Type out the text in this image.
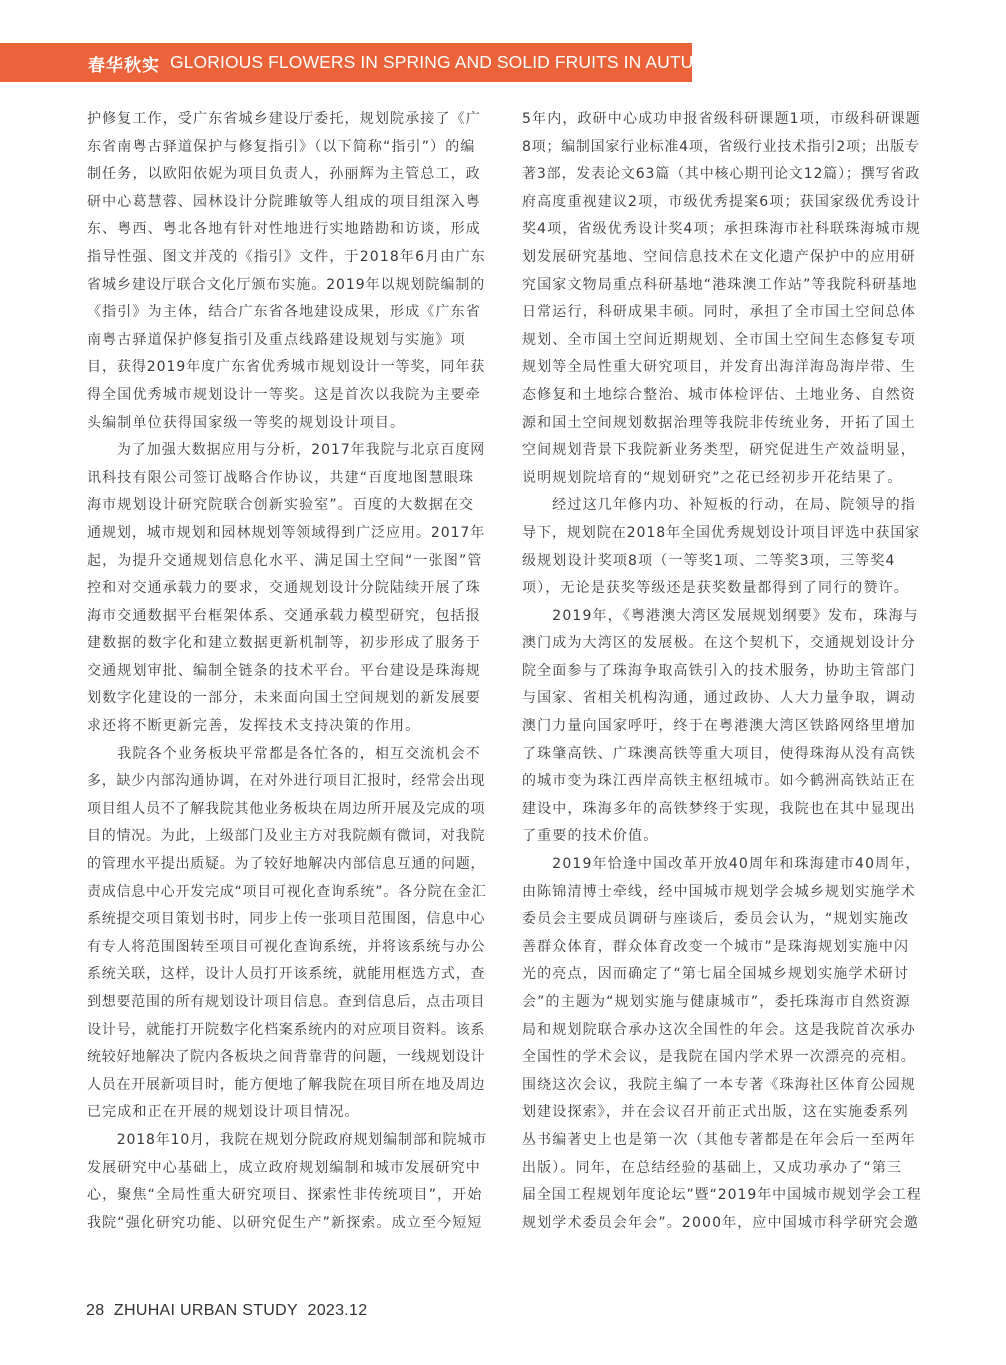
春华秋实 GLORIOUS FLOWERS IN SPRING AND SOLID FRUITS IN AUTUMN
护修复工作，受广东省城乡建设厅委托，规划院承接了《广
东省南粤古驿道保护与修复指引》（以下简称“指引”）的编
制任务，以欧阳依妮为项目负责人，孙丽辉为主管总工，政
研中心葛慧蓉、园林设计分院雎敏等人组成的项目组深入粤
东、粤西、粤北各地有针对性地进行实地踏勘和访谈，形成
指导性强、图文并茂的《指引》文件，于2018年6月由广东
省城乡建设厅联合文化厅颁布实施。2019年以规划院编制的
《指引》为主体，结合广东省各地建设成果，形成《广东省
南粤古驿道保护修复指引及重点线路建设规划与实施》项
目，获得2019年度广东省优秀城市规划设计一等奖，同年获
得全国优秀城市规划设计一等奖。这是首次以我院为主要牵
头编制单位获得国家级一等奖的规划设计项目。
　　为了加强大数据应用与分析，2017年我院与北京百度网
讯科技有限公司签订战略合作协议，共建“百度地图慧眼珠
海市规划设计研究院联合创新实验室”。百度的大数据在交
通规划，城市规划和园林规划等领域得到广泛应用。2017年
起，为提升交通规划信息化水平、满足国土空间“一张图”管
控和对交通承载力的要求，交通规划设计分院陆续开展了珠
海市交通数据平台框架体系、交通承载力模型研究，包括报
建数据的数字化和建立数据更新机制等，初步形成了服务于
交通规划审批、编制全链条的技术平台。平台建设是珠海规
划数字化建设的一部分，未来面向国土空间规划的新发展要
求还将不断更新完善，发挥技术支持决策的作用。
　　我院各个业务板块平常都是各忙各的，相互交流机会不
多，缺少内部沟通协调，在对外进行项目汇报时，经常会出现
项目组人员不了解我院其他业务板块在周边所开展及完成的项
目的情况。为此，上级部门及业主方对我院颇有微词，对我院
的管理水平提出质疑。为了较好地解决内部信息互通的问题，
责成信息中心开发完成“项目可视化查询系统”。各分院在金汇
系统提交项目策划书时，同步上传一张项目范围图，信息中心
有专人将范围图转至项目可视化查询系统，并将该系统与办公
系统关联，这样，设计人员打开该系统，就能用框选方式，查
到想要范围的所有规划设计项目信息。查到信息后，点击项目
设计号，就能打开院数字化档案系统内的对应项目资料。该系
统较好地解决了院内各板块之间背靠背的问题，一线规划设计
人员在开展新项目时，能方便地了解我院在项目所在地及周边
已完成和正在开展的规划设计项目情况。
　　2018年10月，我院在规划分院政府规划编制部和院城市
发展研究中心基础上，成立政府规划编制和城市发展研究中
心，聚焦“全局性重大研究项目、探索性非传统项目”，开始
我院“强化研究功能、以研究促生产”新探索。成立至今短短
5年内，政研中心成功申报省级科研课题1项，市级科研课题
8项；编制国家行业标准4项，省级行业技术指引2项；出版专
著3部，发表论文63篇（其中核心期刊论文12篇）；撰写省政
府高度重视建议2项，市级优秀提案6项；获国家级优秀设计
奖4项，省级优秀设计奖4项；承担珠海市社科联珠海城市规
划发展研究基地、空间信息技术在文化遗产保护中的应用研
究国家文物局重点科研基地“港珠澳工作站”等我院科研基地
日常运行，科研成果丰硕。同时，承担了全市国土空间总体
规划、全市国土空间近期规划、全市国土空间生态修复专项
规划等全局性重大研究项目，并发育出海洋海岛海岸带、生
态修复和土地综合整治、城市体检评估、土地业务、自然资
源和国土空间规划数据治理等我院非传统业务，开拓了国土
空间规划背景下我院新业务类型，研究促进生产效益明显，
说明规划院培育的“规划研究”之花已经初步开花结果了。
　　经过这几年修内功、补短板的行动，在局、院领导的指
导下，规划院在2018年全国优秀规划设计项目评选中获国家
级规划设计奖项8项（一等奖1项、二等奖3项，三等奖4
项），无论是获奖等级还是获奖数量都得到了同行的赞许。
　　2019年，《粤港澳大湾区发展规划纲要》发布，珠海与
澳门成为大湾区的发展极。在这个契机下，交通规划设计分
院全面参与了珠海争取高铁引入的技术服务，协助主管部门
与国家、省相关机构沟通，通过政协、人大力量争取，调动
澳门力量向国家呼吁，终于在粤港澳大湾区铁路网络里增加
了珠肇高铁、广珠澳高铁等重大项目，使得珠海从没有高铁
的城市变为珠江西岸高铁主枢纽城市。如今鹤洲高铁站正在
建设中，珠海多年的高铁梦终于实现，我院也在其中显现出
了重要的技术价值。
　　2019年恰逢中国改革开放40周年和珠海建市40周年，
由陈锦清博士牵线，经中国城市规划学会城乡规划实施学术
委员会主要成员调研与座谈后，委员会认为，“规划实施改
善群众体育，群众体育改变一个城市”是珠海规划实施中闪
光的亮点，因而确定了“第七届全国城乡规划实施学术研讨
会”的主题为“规划实施与健康城市”，委托珠海市自然资源
局和规划院联合承办这次全国性的年会。这是我院首次承办
全国性的学术会议，是我院在国内学术界一次漂亮的亮相。
围绕这次会议，我院主编了一本专著《珠海社区体育公园规
划建设探索》，并在会议召开前正式出版，这在实施委系列
丛书编著史上也是第一次（其他专著都是在年会后一至两年
出版）。同年，在总结经验的基础上，又成功承办了“第三
届全国工程规划年度论坛”暨“2019年中国城市规划学会工程
规划学术委员会年会”。2000年，应中国城市科学研究会邀
28 ZHUHAI URBAN STUDY 2023.12
